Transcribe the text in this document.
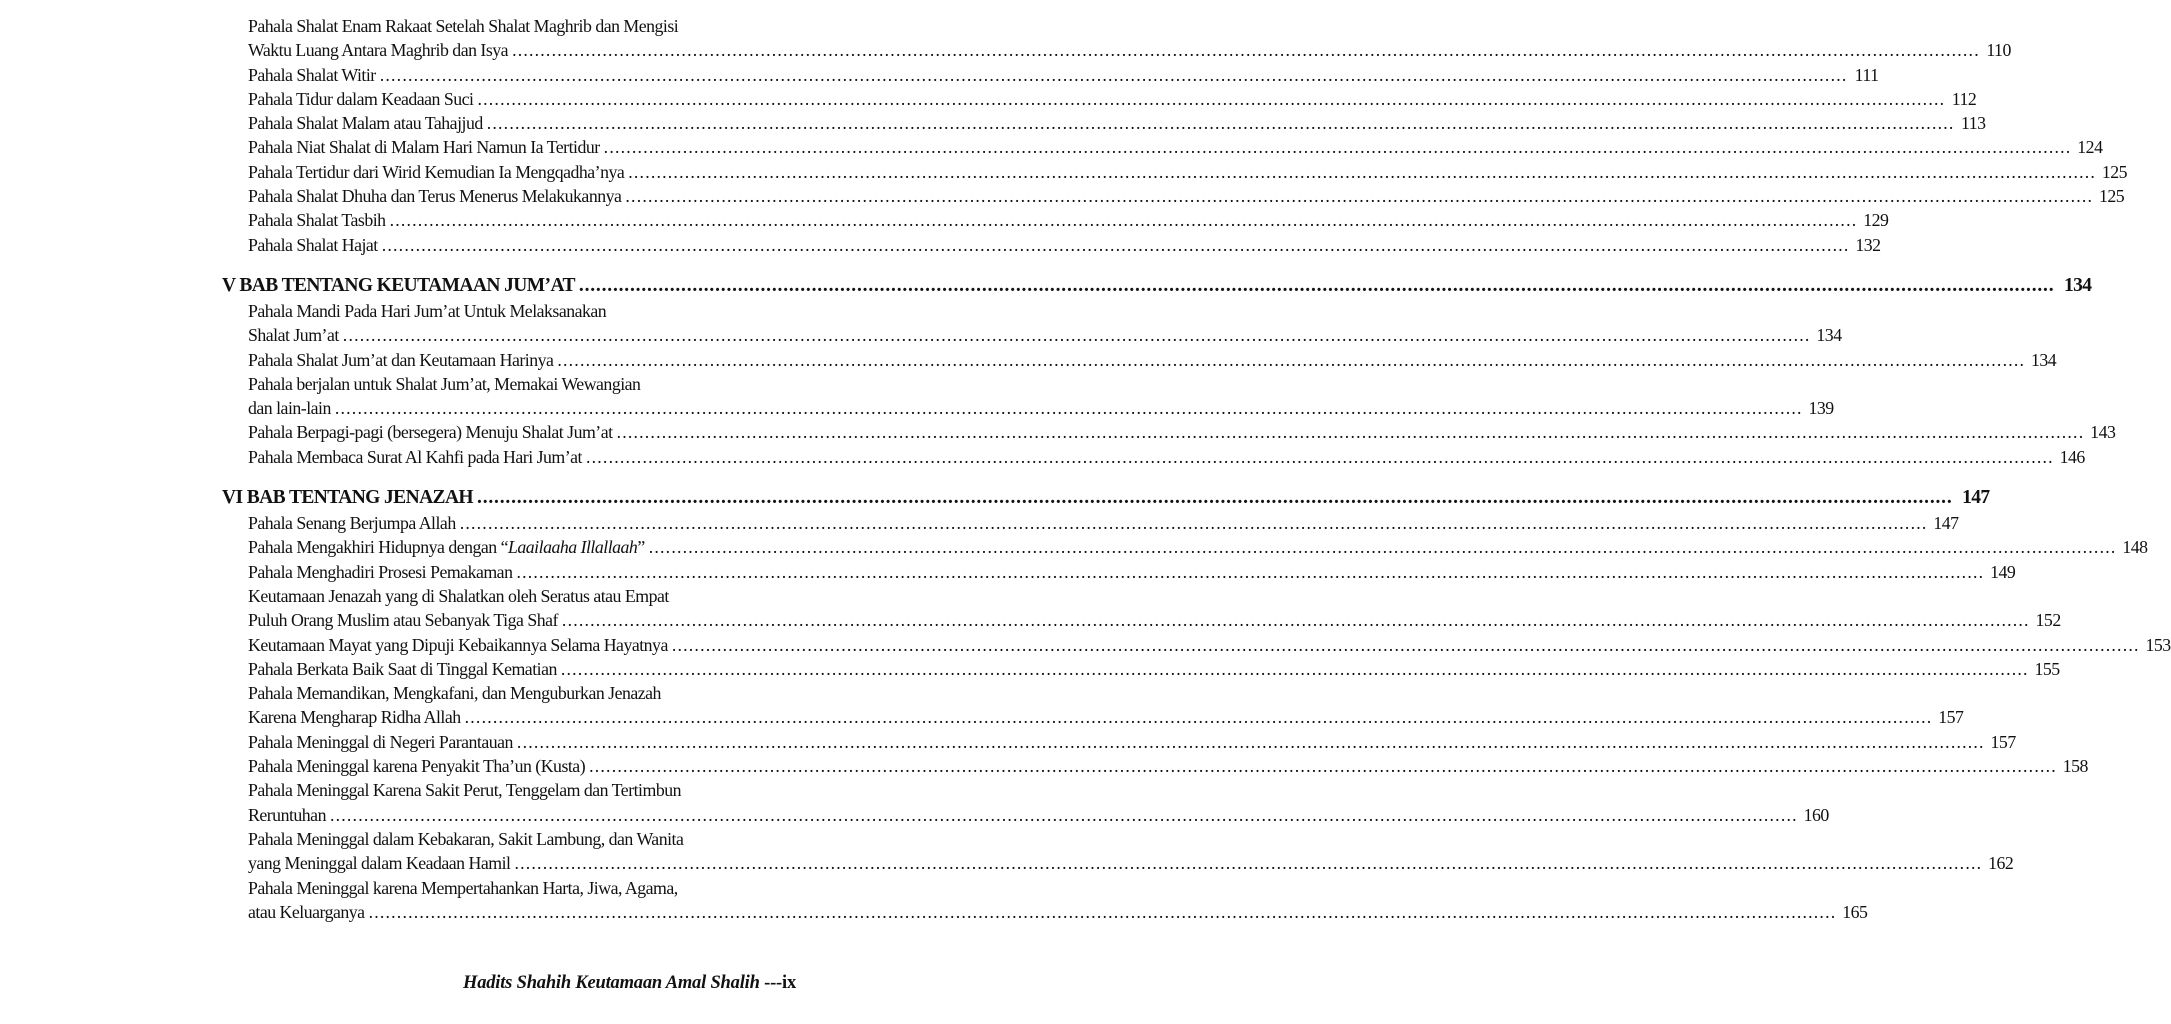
Pahala Shalat Enam Rakaat Setelah Shalat Maghrib dan Mengisi
Waktu Luang Antara Maghrib dan Isya .................................................................................................................................................................................................................................................................... 110
Pahala Shalat Witir .................................................................................................................................................................................................................................................................... 111
Pahala Tidur dalam Keadaan Suci .................................................................................................................................................................................................................................................................... 112
Pahala Shalat Malam atau Tahajjud .................................................................................................................................................................................................................................................................... 113
Pahala Niat Shalat di Malam Hari Namun Ia Tertidur .................................................................................................................................................................................................................................................................... 124
Pahala Tertidur dari Wirid Kemudian Ia Mengqadha’nya .................................................................................................................................................................................................................................................................... 125
Pahala Shalat Dhuha dan Terus Menerus Melakukannya .................................................................................................................................................................................................................................................................... 125
Pahala Shalat Tasbih .................................................................................................................................................................................................................................................................... 129
Pahala Shalat Hajat .................................................................................................................................................................................................................................................................... 132
V BAB TENTANG KEUTAMAAN JUM’AT .................................................................................................................................................................................................................................................................... 134
Pahala Mandi Pada Hari Jum’at Untuk Melaksanakan
Shalat Jum’at .................................................................................................................................................................................................................................................................... 134
Pahala Shalat Jum’at dan Keutamaan Harinya .................................................................................................................................................................................................................................................................... 134
Pahala berjalan untuk Shalat Jum’at, Memakai Wewangian
dan lain-lain .................................................................................................................................................................................................................................................................... 139
Pahala Berpagi-pagi (bersegera) Menuju Shalat Jum’at .................................................................................................................................................................................................................................................................... 143
Pahala Membaca Surat Al Kahfi pada Hari Jum’at .................................................................................................................................................................................................................................................................... 146
VI BAB TENTANG JENAZAH .................................................................................................................................................................................................................................................................... 147
Pahala Senang Berjumpa Allah .................................................................................................................................................................................................................................................................... 147
Pahala Mengakhiri Hidupnya dengan “Laailaaha Illallaah” .................................................................................................................................................................................................................................................................... 148
Pahala Menghadiri Prosesi Pemakaman .................................................................................................................................................................................................................................................................... 149
Keutamaan Jenazah yang di Shalatkan oleh Seratus atau Empat
Puluh Orang Muslim atau Sebanyak Tiga Shaf .................................................................................................................................................................................................................................................................... 152
Keutamaan Mayat yang Dipuji Kebaikannya Selama Hayatnya .................................................................................................................................................................................................................................................................... 153
Pahala Berkata Baik Saat di Tinggal Kematian .................................................................................................................................................................................................................................................................... 155
Pahala Memandikan, Mengkafani, dan Menguburkan Jenazah
Karena Mengharap Ridha Allah .................................................................................................................................................................................................................................................................... 157
Pahala Meninggal di Negeri Parantauan .................................................................................................................................................................................................................................................................... 157
Pahala Meninggal karena Penyakit Tha’un (Kusta) .................................................................................................................................................................................................................................................................... 158
Pahala Meninggal Karena Sakit Perut, Tenggelam dan Tertimbun
Reruntuhan .................................................................................................................................................................................................................................................................... 160
Pahala Meninggal dalam Kebakaran, Sakit Lambung, dan Wanita
yang Meninggal dalam Keadaan Hamil .................................................................................................................................................................................................................................................................... 162
Pahala Meninggal karena Mempertahankan Harta, Jiwa, Agama,
atau Keluarganya .................................................................................................................................................................................................................................................................... 165
Hadits Shahih Keutamaan Amal Shalih ---ix
